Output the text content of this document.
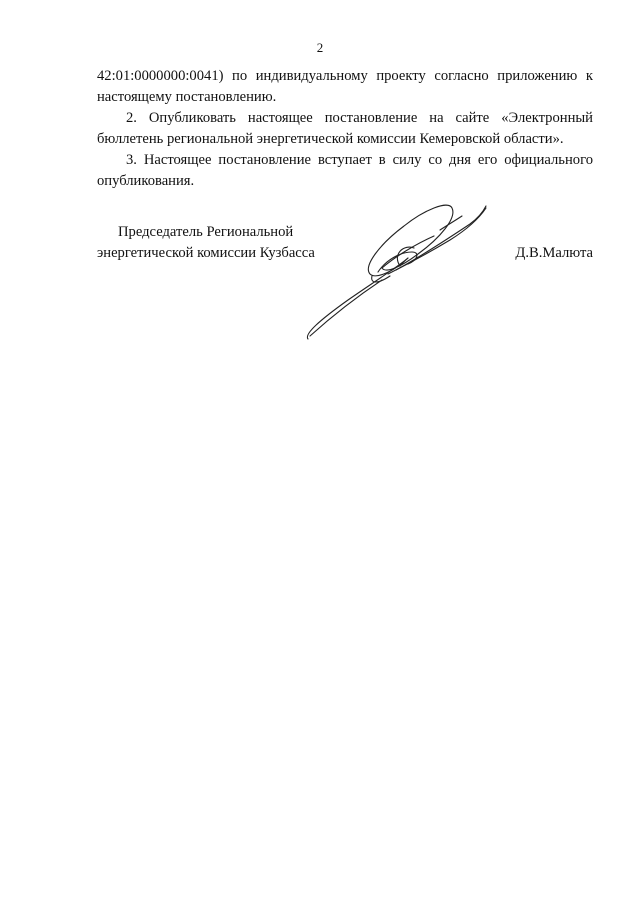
2

42:01:0000000:0041) по индивидуальному проекту согласно приложению к настоящему постановлению.

2. Опубликовать настоящее постановление на сайте «Электронный бюллетень региональной энергетической комиссии Кемеровской области».

3. Настоящее постановление вступает в силу со дня его официального опубликования.

Председатель Региональной
энергетической комиссии Кузбасса	Д.В.Малюта
